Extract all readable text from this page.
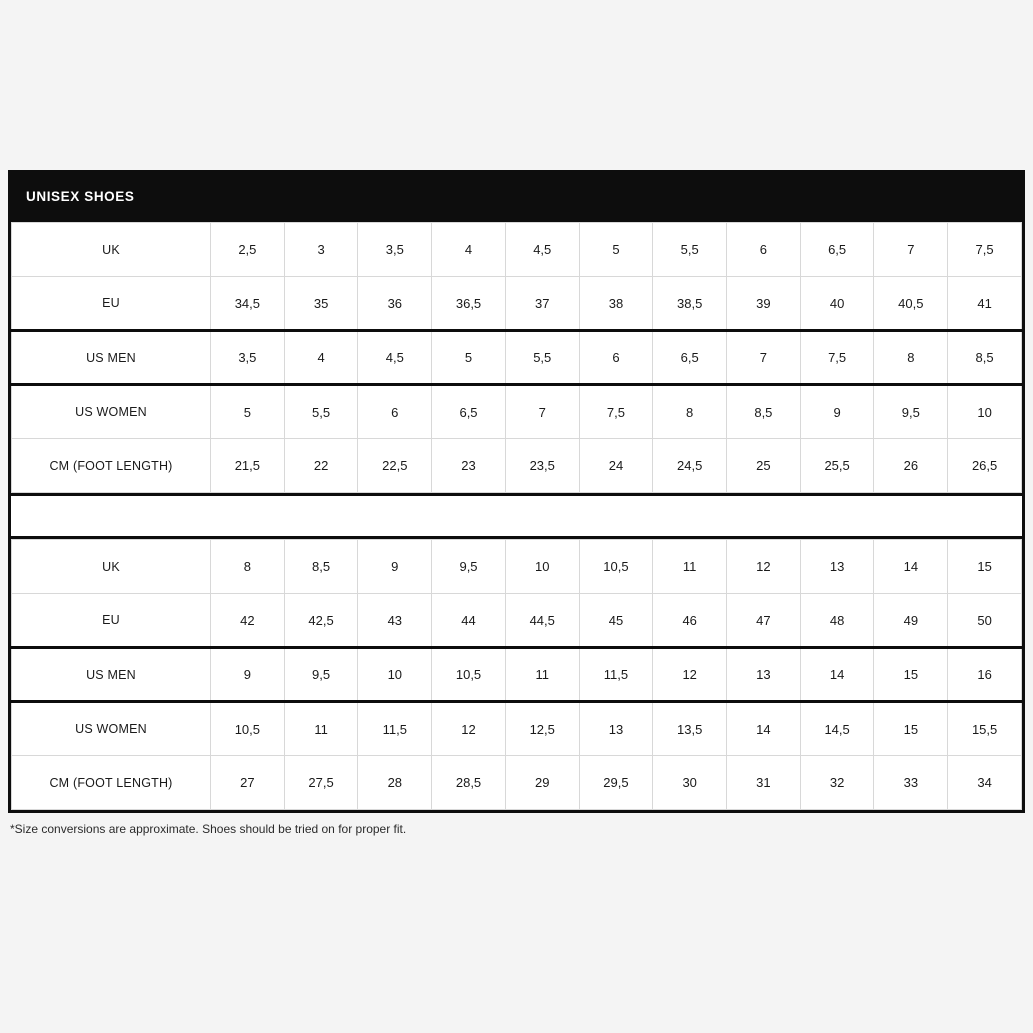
UNISEX SHOES
UK	2,5	3	3,5	4	4,5	5	5,5	6	6,5	7	7,5
EU	34,5	35	36	36,5	37	38	38,5	39	40	40,5	41
US MEN	3,5	4	4,5	5	5,5	6	6,5	7	7,5	8	8,5
US WOMEN	5	5,5	6	6,5	7	7,5	8	8,5	9	9,5	10
CM (FOOT LENGTH)	21,5	22	22,5	23	23,5	24	24,5	25	25,5	26	26,5
UK	8	8,5	9	9,5	10	10,5	11	12	13	14	15
EU	42	42,5	43	44	44,5	45	46	47	48	49	50
US MEN	9	9,5	10	10,5	11	11,5	12	13	14	15	16
US WOMEN	10,5	11	11,5	12	12,5	13	13,5	14	14,5	15	15,5
CM (FOOT LENGTH)	27	27,5	28	28,5	29	29,5	30	31	32	33	34
*Size conversions are approximate. Shoes should be tried on for proper fit.
